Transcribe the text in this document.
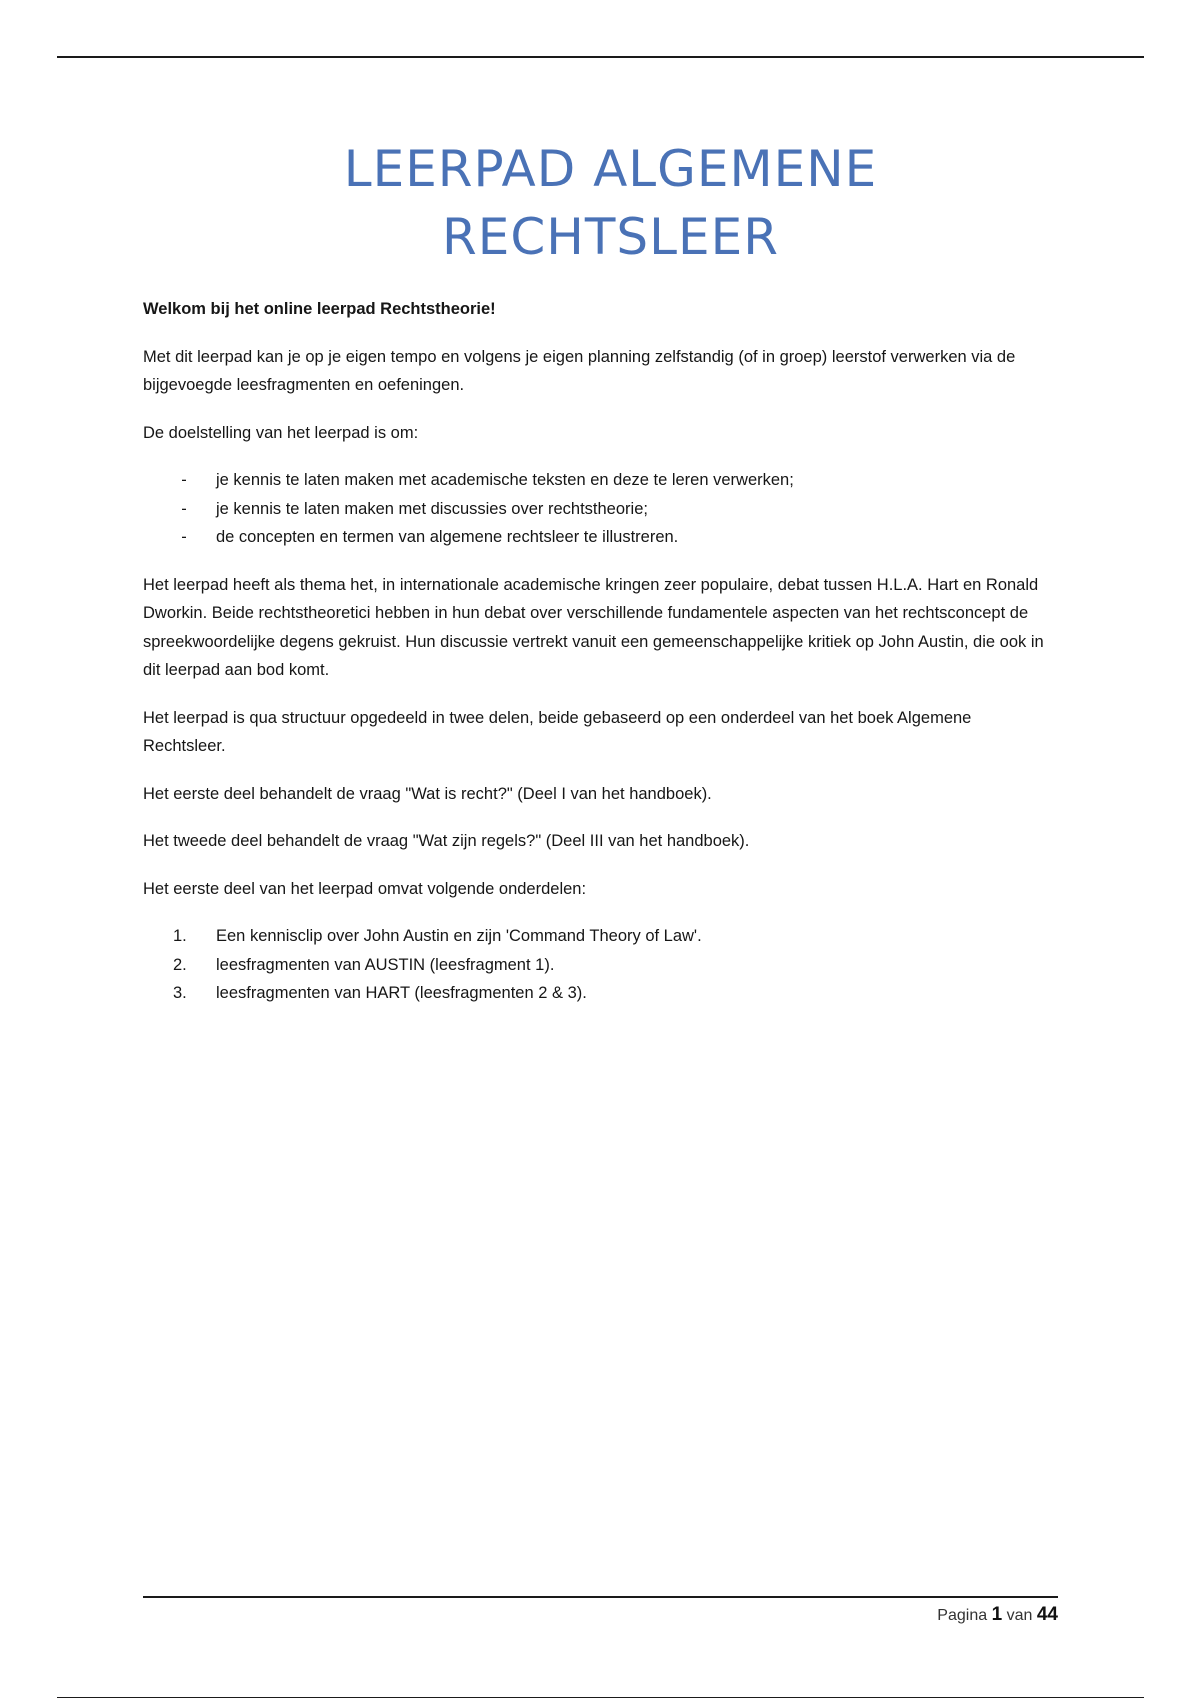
LEERPAD ALGEMENE
RECHTSLEER

Welkom bij het online leerpad Rechtstheorie!

Met dit leerpad kan je op je eigen tempo en volgens je eigen planning zelfstandig (of in groep) leerstof verwerken via de bijgevoegde leesfragmenten en oefeningen.

De doelstelling van het leerpad is om:

- je kennis te laten maken met academische teksten en deze te leren verwerken;
- je kennis te laten maken met discussies over rechtstheorie;
- de concepten en termen van algemene rechtsleer te illustreren.

Het leerpad heeft als thema het, in internationale academische kringen zeer populaire, debat tussen H.L.A. Hart en Ronald Dworkin. Beide rechtstheoretici hebben in hun debat over verschillende fundamentele aspecten van het rechtsconcept de spreekwoordelijke degens gekruist. Hun discussie vertrekt vanuit een gemeenschappelijke kritiek op John Austin, die ook in dit leerpad aan bod komt.

Het leerpad is qua structuur opgedeeld in twee delen, beide gebaseerd op een onderdeel van het boek Algemene Rechtsleer.

Het eerste deel behandelt de vraag "Wat is recht?" (Deel I van het handboek).

Het tweede deel behandelt de vraag "Wat zijn regels?" (Deel III van het handboek).

Het eerste deel van het leerpad omvat volgende onderdelen:

1.	Een kennisclip over John Austin en zijn 'Command Theory of Law'.
2.	leesfragmenten van AUSTIN (leesfragment 1).
3.	leesfragmenten van HART (leesfragmenten 2 & 3).
Pagina 1 van 44
